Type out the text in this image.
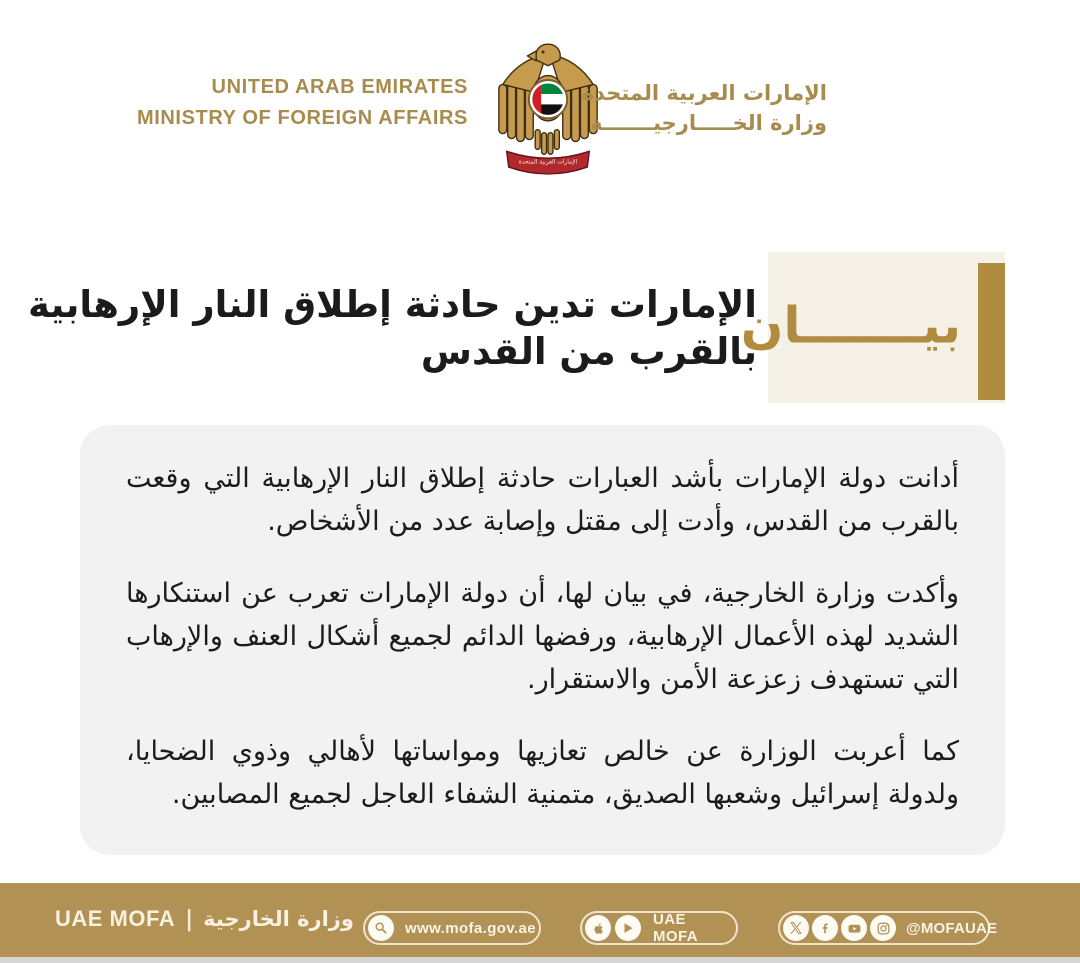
UNITED ARAB EMIRATES
MINISTRY OF FOREIGN AFFAIRS
الإمارات العربية المتحدة
الإمارات العربية المتحدة
وزارة الخـــــارجيـــــــة
الإمارات تدين حادثة إطلاق النار الإرهابية
بالقرب من القدس
بيـــــــان

أدانت دولة الإمارات بأشد العبارات حادثة إطلاق النار الإرهابية التي وقعت بالقرب من القدس، وأدت إلى مقتل وإصابة عدد من الأشخاص.

وأكدت وزارة الخارجية، في بيان لها، أن دولة الإمارات تعرب عن استنكارها الشديد لهذه الأعمال الإرهابية، ورفضها الدائم لجميع أشكال العنف والإرهاب التي تستهدف زعزعة الأمن والاستقرار.

كما أعربت الوزارة عن خالص تعازيها ومواساتها لأهالي وذوي الضحايا، ولدولة إسرائيل وشعبها الصديق، متمنية الشفاء العاجل لجميع المصابين.

UAE MOFA | وزارة الخارجية	www.mofa.gov.ae	UAE MOFA	@MOFAUAE
